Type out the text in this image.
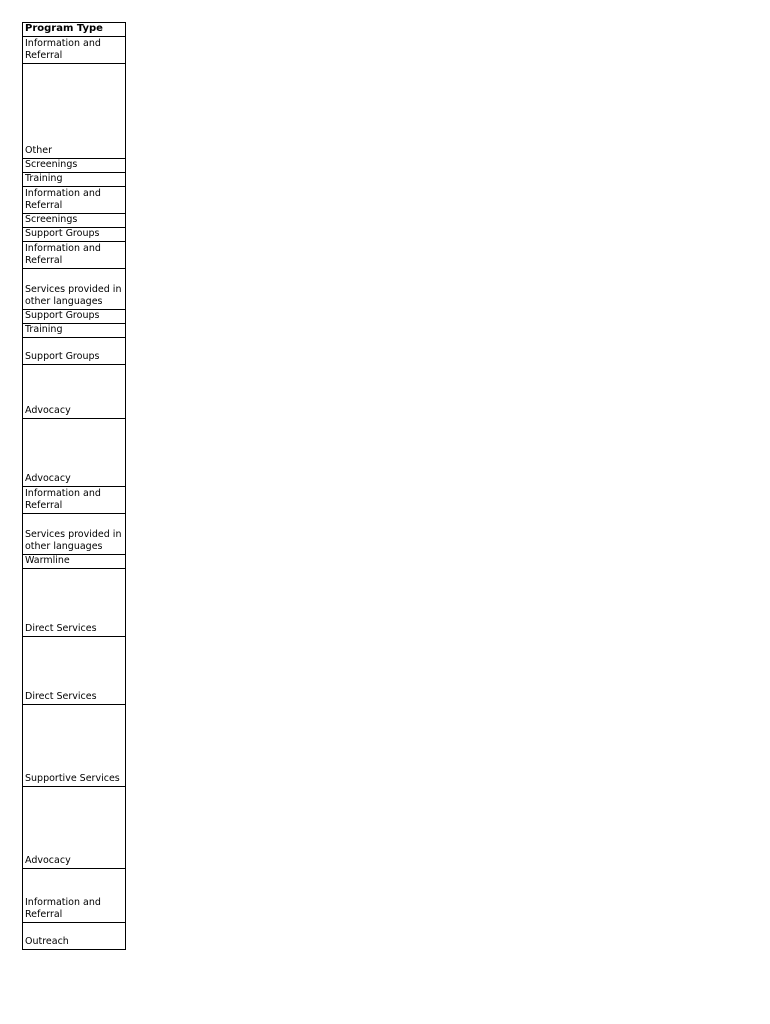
Program Type

Information and Referral

Other

Screenings

Training

Information and Referral

Screenings

Support Groups

Information and Referral

Services provided in other languages

Support Groups

Training

Support Groups

Advocacy

Advocacy

Information and Referral

Services provided in other languages

Warmline

Direct Services

Direct Services

Supportive Services

Advocacy

Information and Referral

Outreach
